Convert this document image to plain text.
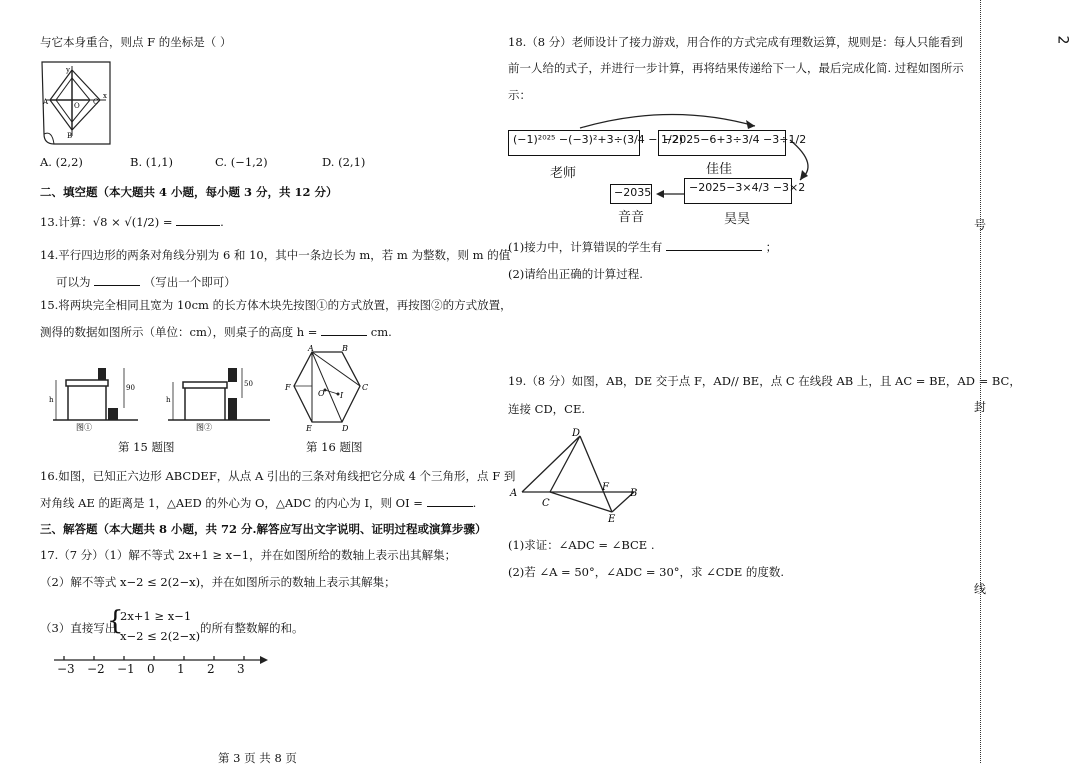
与它本身重合，则点 F 的坐标是（ ）
y
A	C
x
B
O
A. (2,2)	B. (1,1)	C. (−1,2)	D. (2,1)
二、填空题（本大题共 4 小题，每小题 3 分，共 12 分）
13.计算：√8 × √(1/2) =	.
14.平行四边形的两条对角线分别为 6 和 10，其中一条边长为 m，若 m 为整数，则 m 的值
可以为	（写出一个即可）
15.将两块完全相同且宽为 10cm 的长方体木块先按图①的方式放置，再按图②的方式放置，
测得的数据如图所示（单位：cm），则桌子的高度 h =	cm.
h
90
图①
h
50
图②
第 15 题图
A	B
C
D
E
F
O I
第 16 题图
16.如图，已知正六边形 ABCDEF，从点 A 引出的三条对角线把它分成 4 个三角形，点 F 到
对角线 AE 的距离是 1，△AED 的外心为 O，△ADC 的内心为 I，则 OI =	.
三、解答题（本大题共 8 小题，共 72 分.解答应写出文字说明、证明过程或演算步骤）
17.（7 分）（1）解不等式 2x+1 ≥ x−1，并在如图所给的数轴上表示出其解集；
（2）解不等式 x−2 ≤ 2(2−x)，并在如图所示的数轴上表示其解集；
（3）直接写出
{
2x+1 ≥ x−1
x−2 ≤ 2(2−x)
的所有整数解的和。
−3 −2 −1 0 1 2 3
第 3 页 共 8 页
18.（8 分）老师设计了接力游戏，用合作的方式完成有理数运算，规则是：每人只能看到
前一人给的式子，并进行一步计算，再将结果传递给下一人，最后完成化简. 过程如图所示
示：
(−1)²⁰²⁵ −(−3)²+3÷(3/4 − 1/2)
老师
−2025−6+3÷3/4 −3÷1/2
佳佳
−2025−3×4/3 −3×2
昊昊
−2035
音音
(1)接力中，计算错误的学生有	；
(2)请给出正确的计算过程.
19.（8 分）如图，AB，DE 交于点 F，AD// BE，点 C 在线段 AB 上，且 AC = BE，AD = BC，
连接 CD，CE.
A	B
C
D
E
F
(1)求证：∠ADC = ∠BCE .
(2)若 ∠A = 50°，∠ADC = 30°，求 ∠CDE 的度数.
号
封
线
2
